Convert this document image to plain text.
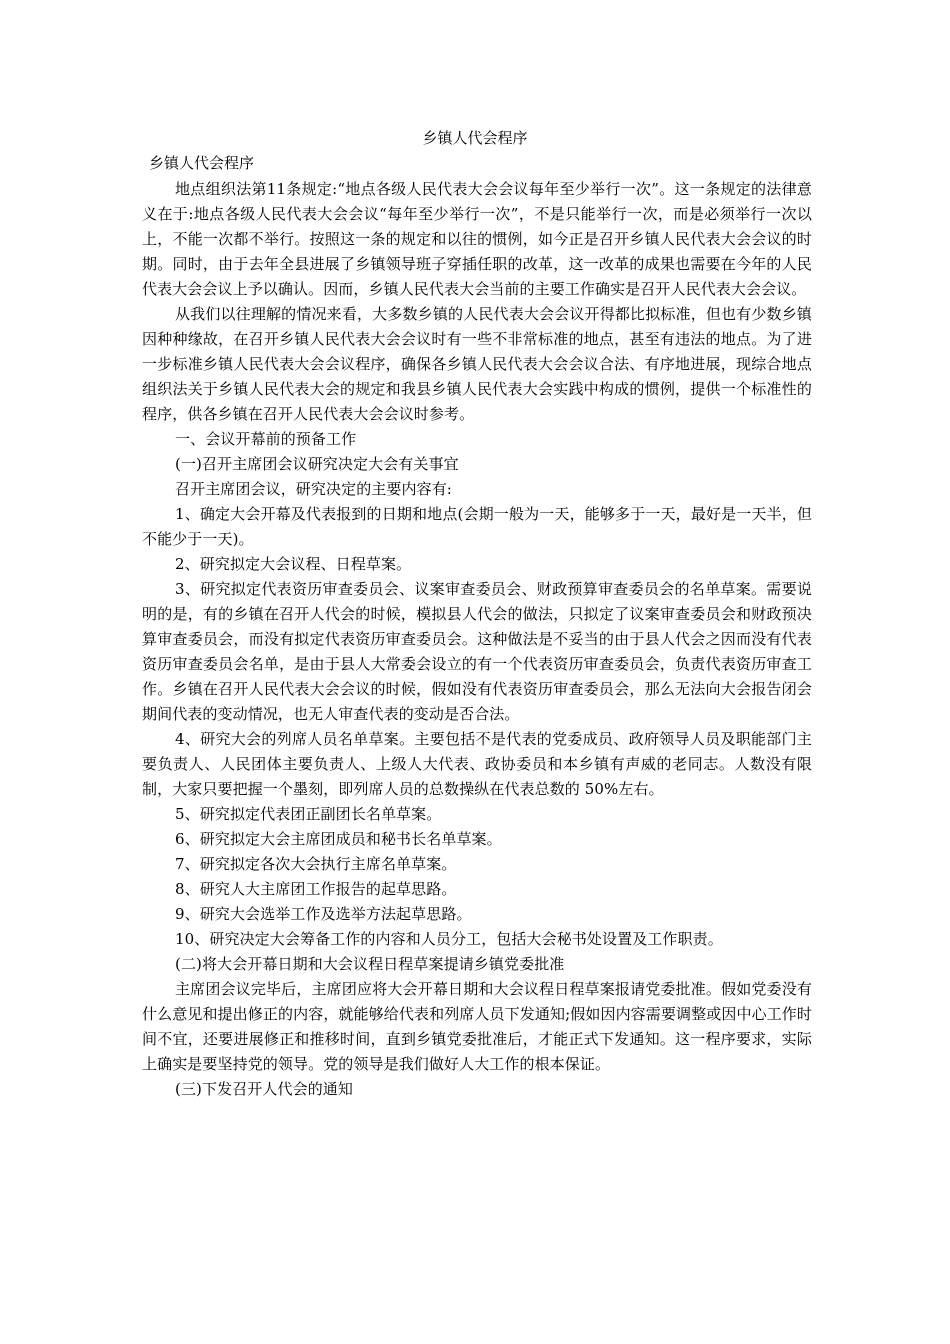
乡镇人代会程序
乡镇人代会程序

地点组织法第11条规定:“地点各级人民代表大会会议每年至少举行一次”。这一条规定的法律意义在于:地点各级人民代表大会会议“每年至少举行一次”，不是只能举行一次，而是必须举行一次以上，不能一次都不举行。按照这一条的规定和以往的惯例，如今正是召开乡镇人民代表大会会议的时期。同时，由于去年全县进展了乡镇领导班子穿插任职的改革，这一改革的成果也需要在今年的人民代表大会会议上予以确认。因而，乡镇人民代表大会当前的主要工作确实是召开人民代表大会会议。

从我们以往理解的情况来看，大多数乡镇的人民代表大会会议开得都比拟标准，但也有少数乡镇因种种缘故，在召开乡镇人民代表大会会议时有一些不非常标准的地点，甚至有违法的地点。为了进一步标准乡镇人民代表大会会议程序，确保各乡镇人民代表大会会议合法、有序地进展，现综合地点组织法关于乡镇人民代表大会的规定和我县乡镇人民代表大会实践中构成的惯例，提供一个标准性的程序，供各乡镇在召开人民代表大会会议时参考。

一、会议开幕前的预备工作

(一)召开主席团会议研究决定大会有关事宜

召开主席团会议，研究决定的主要内容有:

1、确定大会开幕及代表报到的日期和地点(会期一般为一天，能够多于一天，最好是一天半，但不能少于一天)。

2、研究拟定大会议程、日程草案。

3、研究拟定代表资历审查委员会、议案审查委员会、财政预算审查委员会的名单草案。需要说明的是，有的乡镇在召开人代会的时候，模拟县人代会的做法，只拟定了议案审查委员会和财政预决算审查委员会，而没有拟定代表资历审查委员会。这种做法是不妥当的由于县人代会之因而没有代表资历审查委员会名单，是由于县人大常委会设立的有一个代表资历审查委员会，负责代表资历审查工作。乡镇在召开人民代表大会会议的时候，假如没有代表资历审查委员会，那么无法向大会报告闭会期间代表的变动情况，也无人审查代表的变动是否合法。

4、研究大会的列席人员名单草案。主要包括不是代表的党委成员、政府领导人员及职能部门主要负责人、人民团体主要负责人、上级人大代表、政协委员和本乡镇有声威的老同志。人数没有限制，大家只要把握一个墨刻，即列席人员的总数操纵在代表总数的 50%左右。

5、研究拟定代表团正副团长名单草案。

6、研究拟定大会主席团成员和秘书长名单草案。

7、研究拟定各次大会执行主席名单草案。

8、研究人大主席团工作报告的起草思路。

9、研究大会选举工作及选举方法起草思路。

10、研究决定大会筹备工作的内容和人员分工，包括大会秘书处设置及工作职责。

(二)将大会开幕日期和大会议程日程草案提请乡镇党委批准

主席团会议完毕后，主席团应将大会开幕日期和大会议程日程草案报请党委批准。假如党委没有什么意见和提出修正的内容，就能够给代表和列席人员下发通知;假如因内容需要调整或因中心工作时间不宜，还要进展修正和推移时间，直到乡镇党委批准后，才能正式下发通知。这一程序要求，实际上确实是要坚持党的领导。党的领导是我们做好人大工作的根本保证。

(三)下发召开人代会的通知
